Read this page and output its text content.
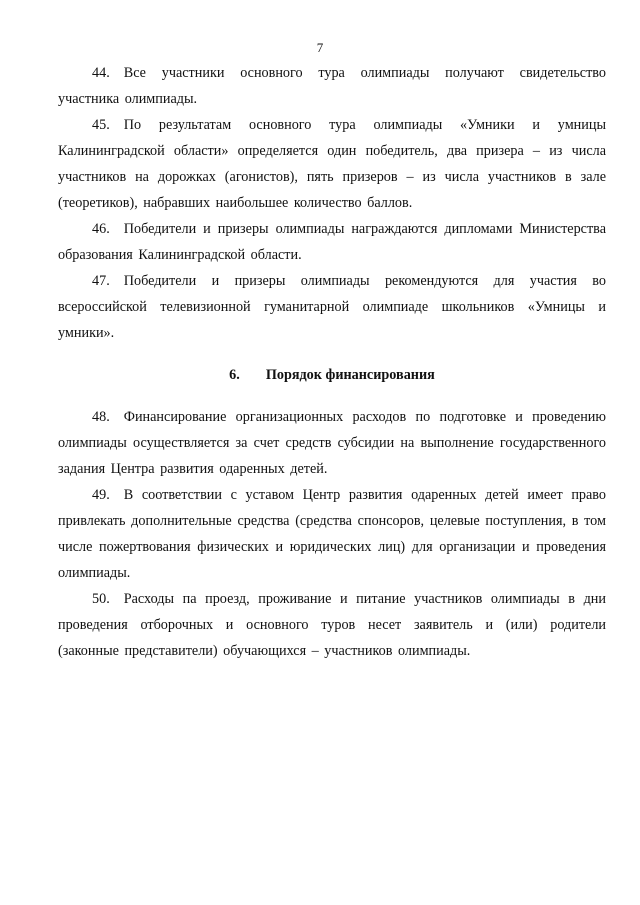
7

44. Все участники основного тура олимпиады получают свидетельство участника олимпиады.

45. По результатам основного тура олимпиады «Умники и умницы Калининградской области» определяется один победитель, два призера – из числа участников на дорожках (агонистов), пять призеров – из числа участников в зале (теоретиков), набравших наибольшее количество баллов.

46. Победители и призеры олимпиады награждаются дипломами Министерства образования Калининградской области.

47. Победители и призеры олимпиады рекомендуются для участия во всероссийской телевизионной гуманитарной олимпиаде школьников «Умницы и умники».

6. Порядок финансирования

48. Финансирование организационных расходов по подготовке и проведению олимпиады осуществляется за счет средств субсидии на выполнение государственного задания Центра развития одаренных детей.

49. В соответствии с уставом Центр развития одаренных детей имеет право привлекать дополнительные средства (средства спонсоров, целевые поступления, в том числе пожертвования физических и юридических лиц) для организации и проведения олимпиады.

50. Расходы па проезд, проживание и питание участников олимпиады в дни проведения отборочных и основного туров несет заявитель и (или) родители (законные представители) обучающихся – участников олимпиады.
